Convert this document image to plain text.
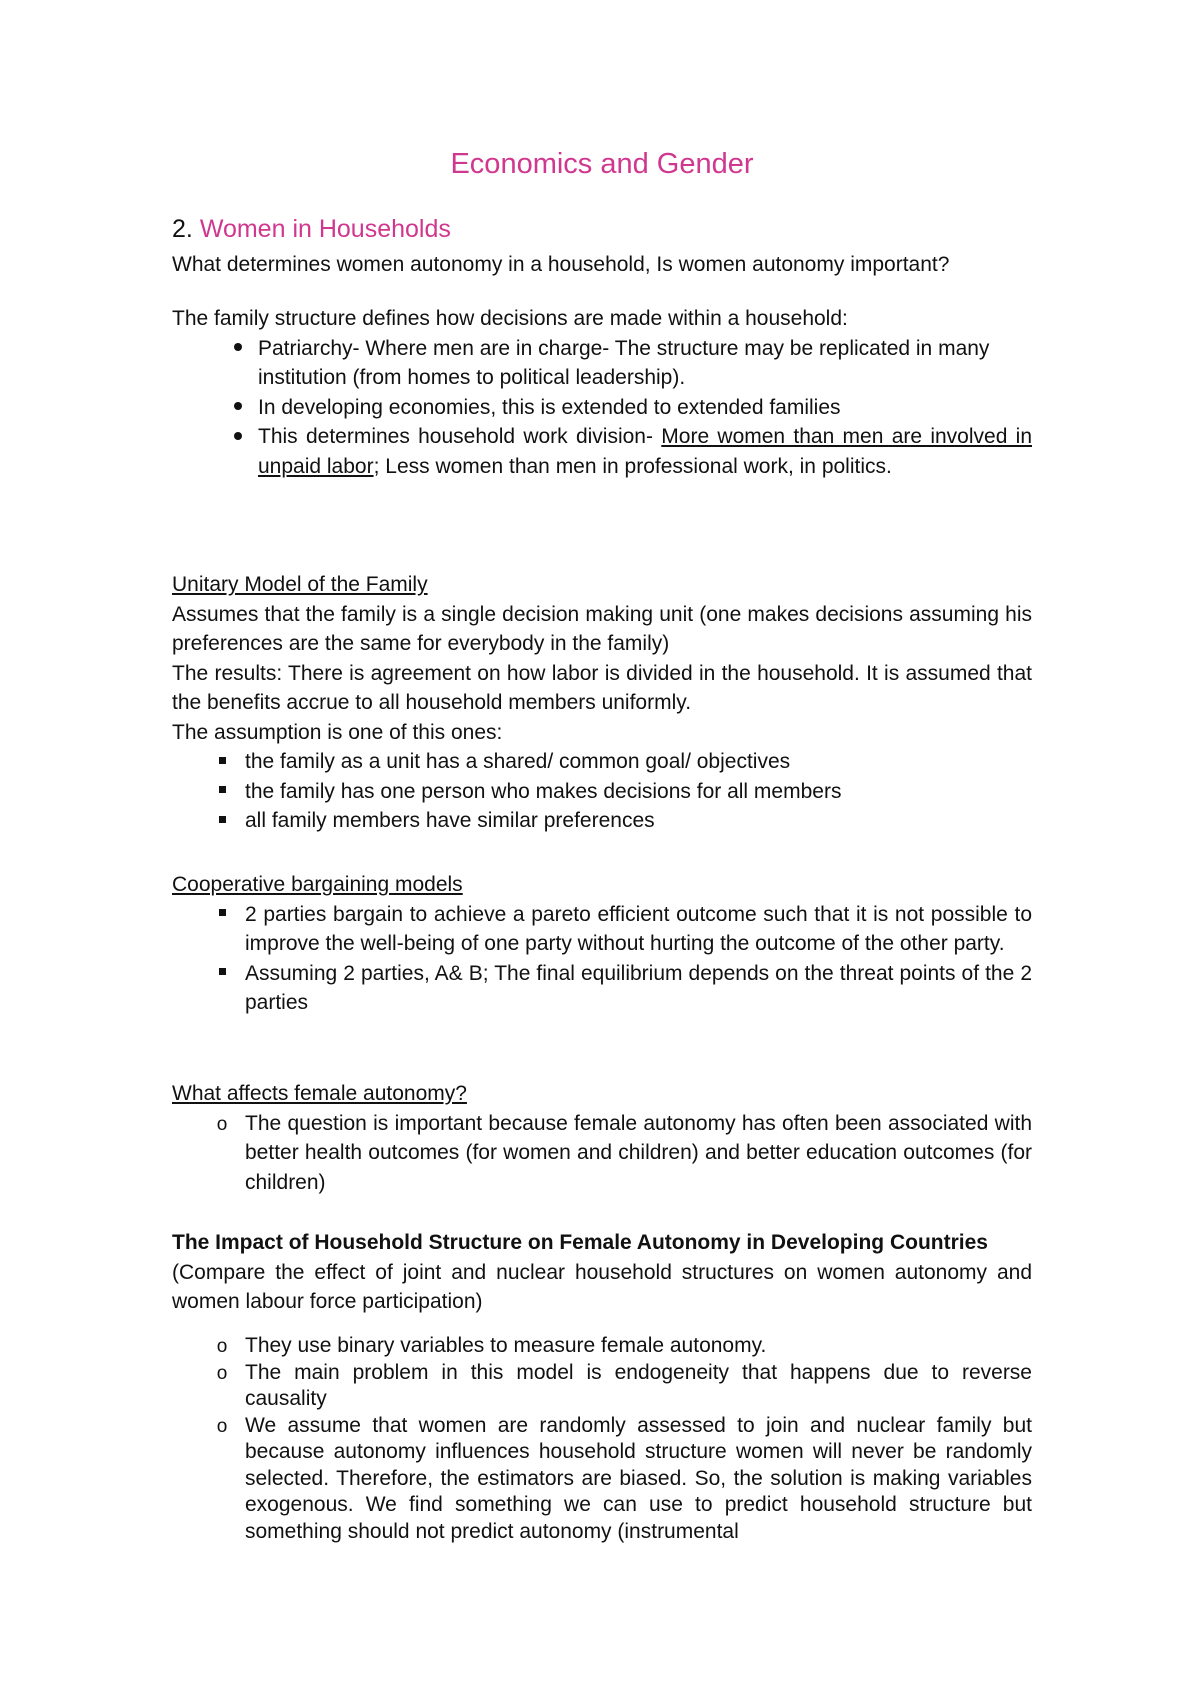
Economics and Gender
2. Women in Households

What determines women autonomy in a household, Is women autonomy important?

The family structure defines how decisions are made within a household:

Patriarchy- Where men are in charge- The structure may be replicated in many institution (from homes to political leadership).
In developing economies, this is extended to extended families
This determines household work division- More women than men are involved in unpaid labor; Less women than men in professional work, in politics.

Unitary Model of the Family

Assumes that the family is a single decision making unit (one makes decisions assuming his preferences are the same for everybody in the family)

The results: There is agreement on how labor is divided in the household. It is assumed that the benefits accrue to all household members uniformly.

The assumption is one of this ones:

the family as a unit has a shared/ common goal/ objectives
the family has one person who makes decisions for all members
all family members have similar preferences

Cooperative bargaining models

2 parties bargain to achieve a pareto efficient outcome such that it is not possible to improve the well-being of one party without hurting the outcome of the other party.
Assuming 2 parties, A& B; The final equilibrium depends on the threat points of the 2 parties

What affects female autonomy?

o The question is important because female autonomy has often been associated with better health outcomes (for women and children) and better education outcomes (for children)

The Impact of Household Structure on Female Autonomy in Developing Countries

(Compare the effect of joint and nuclear household structures on women autonomy and women labour force participation)

o They use binary variables to measure female autonomy.
o The main problem in this model is endogeneity that happens due to reverse causality
o We assume that women are randomly assessed to join and nuclear family but because autonomy influences household structure women will never be randomly selected. Therefore, the estimators are biased. So, the solution is making variables exogenous. We find something we can use to predict household structure but something should not predict autonomy (instrumental
